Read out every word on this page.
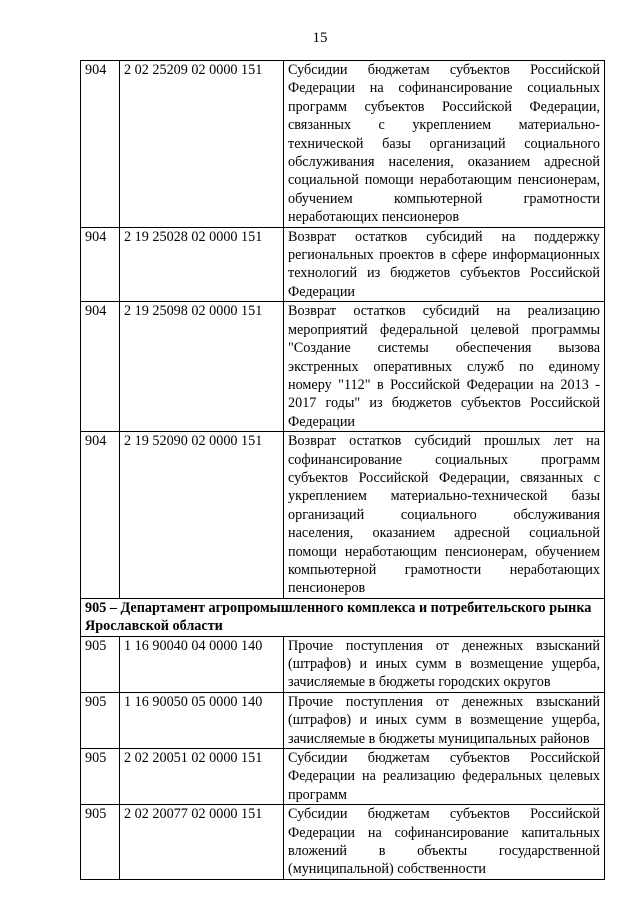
15
904	2 02 25209 02 0000 151	Субсидии бюджетам субъектов Российской Федерации на софинансирование социальных программ субъектов Российской Федерации, связанных с укреплением материально-технической базы организаций социального обслуживания населения, оказанием адресной социальной помощи неработающим пенсионерам, обучением компьютерной грамотности неработающих пенсионеров
904	2 19 25028 02 0000 151	Возврат остатков субсидий на поддержку региональных проектов в сфере информационных технологий из бюджетов субъектов Российской Федерации
904	2 19 25098 02 0000 151	Возврат остатков субсидий на реализацию мероприятий федеральной целевой программы "Создание системы обеспечения вызова экстренных оперативных служб по единому номеру "112" в Российской Федерации на 2013 - 2017 годы" из бюджетов субъектов Российской Федерации
904	2 19 52090 02 0000 151	Возврат остатков субсидий прошлых лет на софинансирование социальных программ субъектов Российской Федерации, связанных с укреплением материально-технической базы организаций социального обслуживания населения, оказанием адресной социальной помощи неработающим пенсионерам, обучением компьютерной грамотности неработающих пенсионеров
905 – Департамент агропромышленного комплекса и потребительского рынка Ярославской области		
905	1 16 90040 04 0000 140	Прочие поступления от денежных взысканий (штрафов) и иных сумм в возмещение ущерба, зачисляемые в бюджеты городских округов
905	1 16 90050 05 0000 140	Прочие поступления от денежных взысканий (штрафов) и иных сумм в возмещение ущерба, зачисляемые в бюджеты муниципальных районов
905	2 02 20051 02 0000 151	Субсидии бюджетам субъектов Российской Федерации на реализацию федеральных целевых программ
905	2 02 20077 02 0000 151	Субсидии бюджетам субъектов Российской Федерации на софинансирование капитальных вложений в объекты государственной (муниципальной) собственности
